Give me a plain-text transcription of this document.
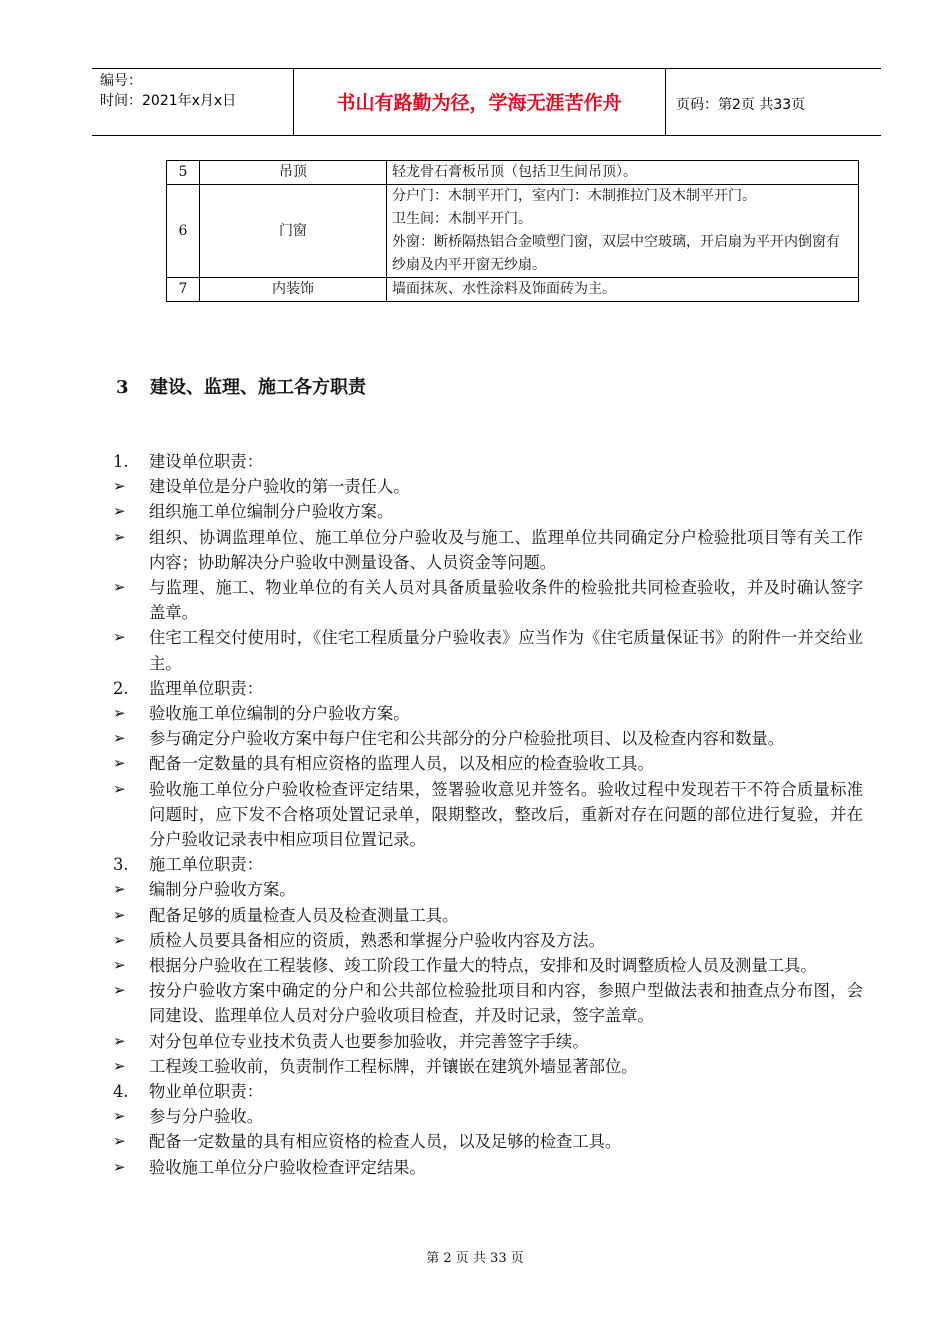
编号：
时间：2021年x月x日	书山有路勤为径，学海无涯苦作舟	页码：第2页 共33页
5	吊顶	轻龙骨石膏板吊顶（包括卫生间吊顶）。

6	门窗	分户门：木制平开门，室内门：木制推拉门及木制平开门。
卫生间：木制平开门。
外窗：断桥隔热铝合金喷塑门窗，双层中空玻璃，开启扇为平开内倒窗有纱扇及内平开窗无纱扇。

7	内装饰	墙面抹灰、水性涂料及饰面砖为主。
3 建设、监理、施工各方职责
1.	建设单位职责：
➢	建设单位是分户验收的第一责任人。
➢	组织施工单位编制分户验收方案。
➢	组织、协调监理单位、施工单位分户验收及与施工、监理单位共同确定分户检验批项目等有关工作内容；协助解决分户验收中测量设备、人员资金等问题。
➢	与监理、施工、物业单位的有关人员对具备质量验收条件的检验批共同检查验收，并及时确认签字盖章。
➢	住宅工程交付使用时，《住宅工程质量分户验收表》应当作为《住宅质量保证书》的附件一并交给业主。
2.	监理单位职责：
➢	验收施工单位编制的分户验收方案。
➢	参与确定分户验收方案中每户住宅和公共部分的分户检验批项目、以及检查内容和数量。
➢	配备一定数量的具有相应资格的监理人员，以及相应的检查验收工具。
➢	验收施工单位分户验收检查评定结果，签署验收意见并签名。验收过程中发现若干不符合质量标准问题时，应下发不合格项处置记录单，限期整改，整改后，重新对存在问题的部位进行复验，并在分户验收记录表中相应项目位置记录。
3.	施工单位职责：
➢	编制分户验收方案。
➢	配备足够的质量检查人员及检查测量工具。
➢	质检人员要具备相应的资质，熟悉和掌握分户验收内容及方法。
➢	根据分户验收在工程装修、竣工阶段工作量大的特点，安排和及时调整质检人员及测量工具。
➢	按分户验收方案中确定的分户和公共部位检验批项目和内容，参照户型做法表和抽查点分布图，会同建设、监理单位人员对分户验收项目检查，并及时记录，签字盖章。
➢	对分包单位专业技术负责人也要参加验收，并完善签字手续。
➢	工程竣工验收前，负责制作工程标牌，并镶嵌在建筑外墙显著部位。
4.	物业单位职责：
➢	参与分户验收。
➢	配备一定数量的具有相应资格的检查人员，以及足够的检查工具。
➢	验收施工单位分户验收检查评定结果。
第 2 页 共 33 页
